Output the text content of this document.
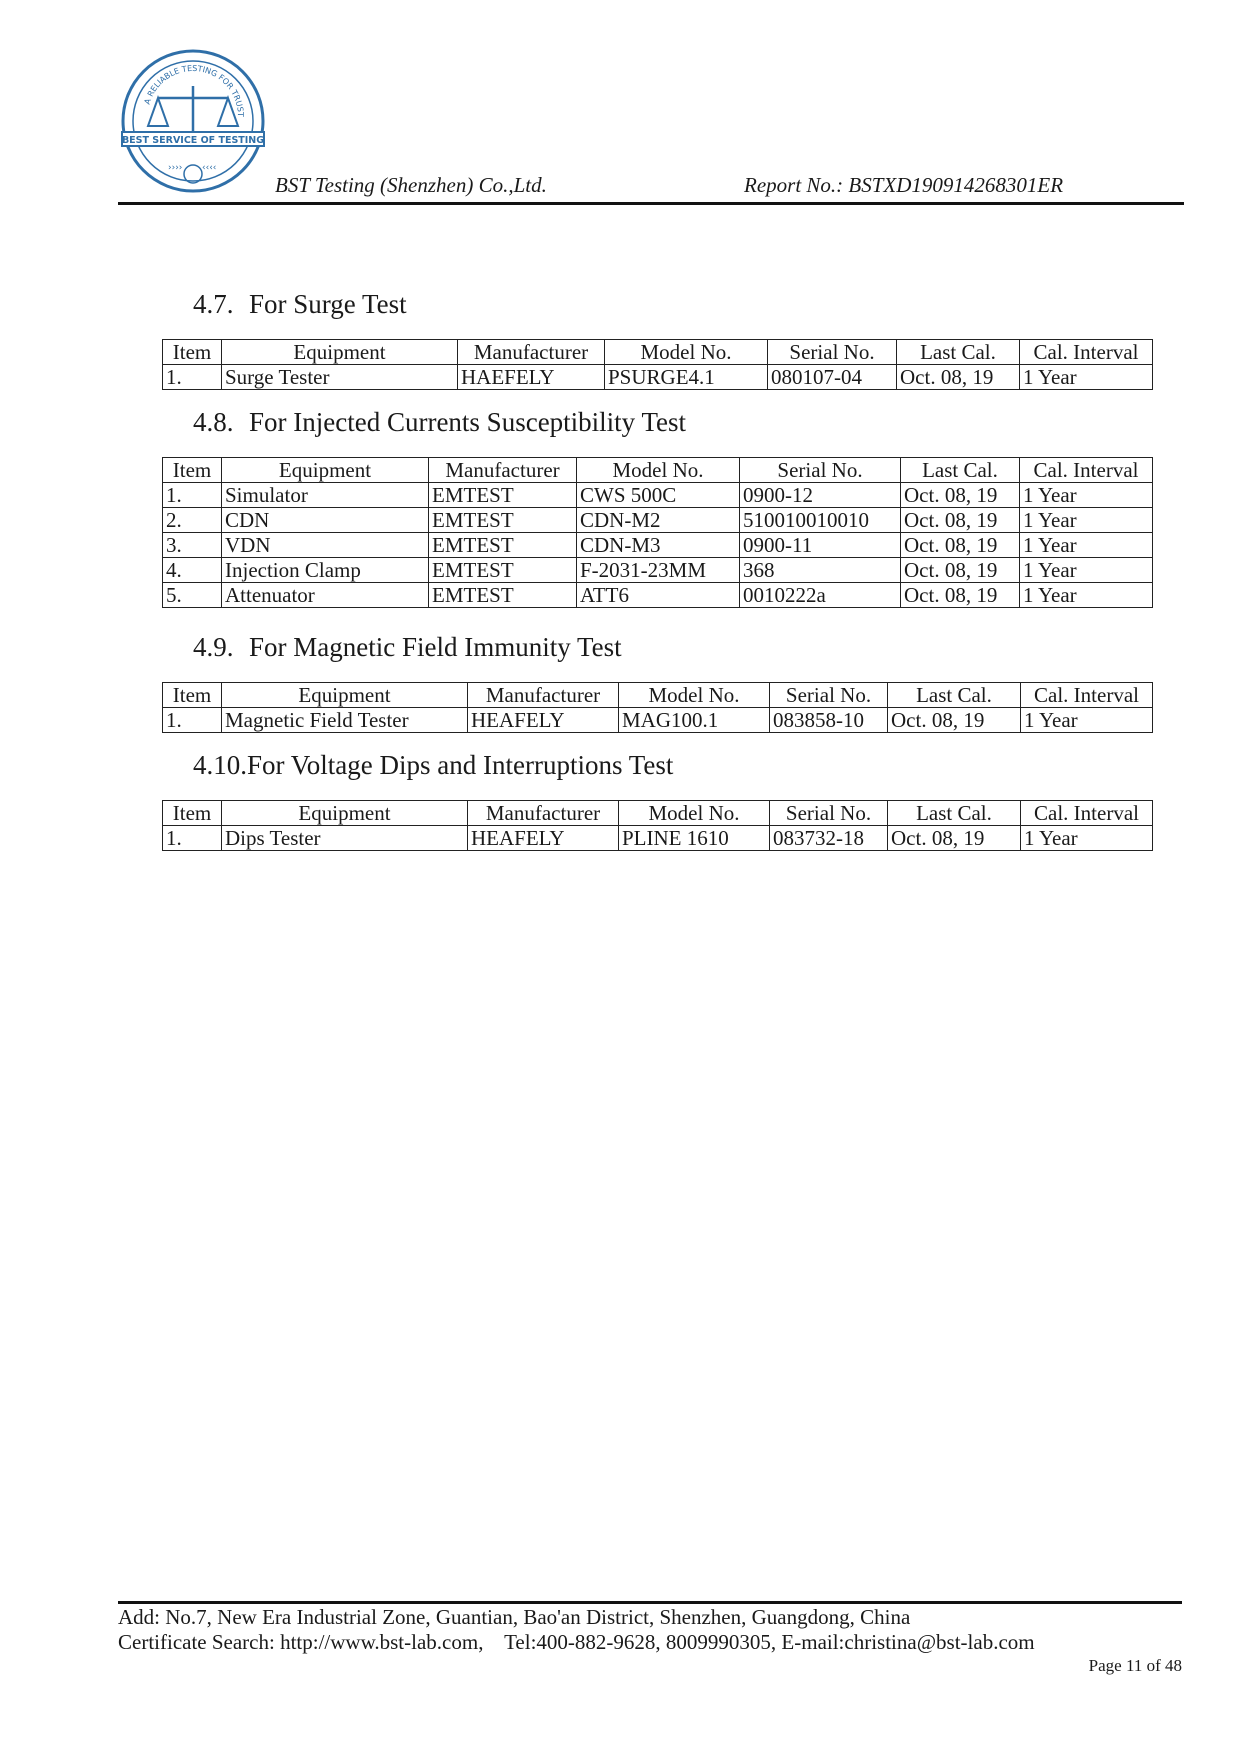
A RELIABLE TESTING FOR TRUST
BEST SERVICE OF TESTING
›››› ‹‹‹‹
BST Testing (Shenzhen) Co.,Ltd.	Report No.: BSTXD190914268301ER
4.7. For Surge Test
Item	Equipment	Manufacturer	Model No.	Serial No.	Last Cal.	Cal. Interval
1.	Surge Tester	HAEFELY	PSURGE4.1	080107-04	Oct. 08, 19	1 Year
4.8. For Injected Currents Susceptibility Test
Item	Equipment	Manufacturer	Model No.	Serial No.	Last Cal.	Cal. Interval
1.	Simulator	EMTEST	CWS 500C	0900-12	Oct. 08, 19	1 Year
2.	CDN	EMTEST	CDN-M2	510010010010	Oct. 08, 19	1 Year
3.	VDN	EMTEST	CDN-M3	0900-11	Oct. 08, 19	1 Year
4.	Injection Clamp	EMTEST	F-2031-23MM	368	Oct. 08, 19	1 Year
5.	Attenuator	EMTEST	ATT6	0010222a	Oct. 08, 19	1 Year
4.9. For Magnetic Field Immunity Test
Item	Equipment	Manufacturer	Model No.	Serial No.	Last Cal.	Cal. Interval
1.	Magnetic Field Tester	HEAFELY	MAG100.1	083858-10	Oct. 08, 19	1 Year
4.10.For Voltage Dips and Interruptions Test
Item	Equipment	Manufacturer	Model No.	Serial No.	Last Cal.	Cal. Interval
1.	Dips Tester	HEAFELY	PLINE 1610	083732-18	Oct. 08, 19	1 Year
Add: No.7, New Era Industrial Zone, Guantian, Bao'an District, Shenzhen, Guangdong, China
Certificate Search: http://www.bst-lab.com,    Tel:400-882-9628, 8009990305, E-mail:christina@bst-lab.com
Page 11 of 48
